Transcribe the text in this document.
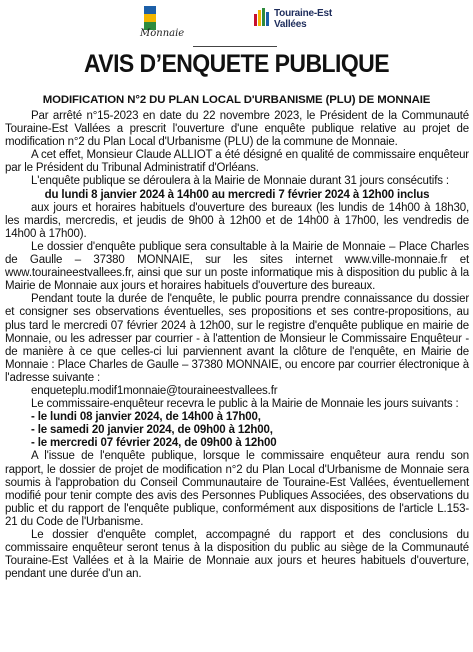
Monnaie
Touraine-Est
Vallées
AVIS D’ENQUETE PUBLIQUE
MODIFICATION N°2 DU PLAN LOCAL D'URBANISME (PLU) DE MONNAIE

Par arrêté n°15-2023 en date du 22 novembre 2023, le Président de la Communauté Touraine-Est Vallées a prescrit l'ouverture d'une enquête publique relative au projet de modification n°2 du Plan Local d'Urbanisme (PLU) de la commune de Monnaie.

A cet effet, Monsieur Claude ALLIOT a été désigné en qualité de commissaire enquêteur par le Président du Tribunal Administratif d'Orléans.

L'enquête publique se déroulera à la Mairie de Monnaie durant 31 jours consécutifs :

du lundi 8 janvier 2024 à 14h00 au mercredi 7 février 2024 à 12h00 inclus

aux jours et horaires habituels d'ouverture des bureaux (les lundis de 14h00 à 18h30, les mardis, mercredis, et jeudis de 9h00 à 12h00 et de 14h00 à 17h00, les vendredis de 14h00 à 17h00).

Le dossier d'enquête publique sera consultable à la Mairie de Monnaie – Place Charles de Gaulle – 37380 MONNAIE, sur les sites internet www.ville-monnaie.fr et www.touraineestvallees.fr, ainsi que sur un poste informatique mis à disposition du public à la Mairie de Monnaie aux jours et horaires habituels d'ouverture des bureaux.

Pendant toute la durée de l'enquête, le public pourra prendre connaissance du dossier et consigner ses observations éventuelles, ses propositions et ses contre-propositions, au plus tard le mercredi 07 février 2024 à 12h00, sur le registre d'enquête publique en mairie de Monnaie, ou les adresser par courrier - à l'attention de Monsieur le Commissaire Enquêteur - de manière à ce que celles-ci lui parviennent avant la clôture de l'enquête, en Mairie de Monnaie : Place Charles de Gaulle – 37380 MONNAIE, ou encore par courrier électronique à l'adresse suivante :

enqueteplu.modif1monnaie@touraineestvallees.fr

Le commissaire-enquêteur recevra le public à la Mairie de Monnaie les jours suivants :

- le lundi 08 janvier 2024, de 14h00 à 17h00,

- le samedi 20 janvier 2024, de 09h00 à 12h00,

- le mercredi 07 février 2024, de 09h00 à 12h00

A l'issue de l'enquête publique, lorsque le commissaire enquêteur aura rendu son rapport, le dossier de projet de modification n°2 du Plan Local d'Urbanisme de Monnaie sera soumis à l'approbation du Conseil Communautaire de Touraine-Est Vallées, éventuellement modifié pour tenir compte des avis des Personnes Publiques Associées, des observations du public et du rapport de l'enquête publique, conformément aux dispositions de l'article L.153-21 du Code de l'Urbanisme.

Le dossier d'enquête complet, accompagné du rapport et des conclusions du commissaire enquêteur seront tenus à la disposition du public au siège de la Communauté Touraine-Est Vallées et à la Mairie de Monnaie aux jours et heures habituels d'ouverture, pendant une durée d'un an.
